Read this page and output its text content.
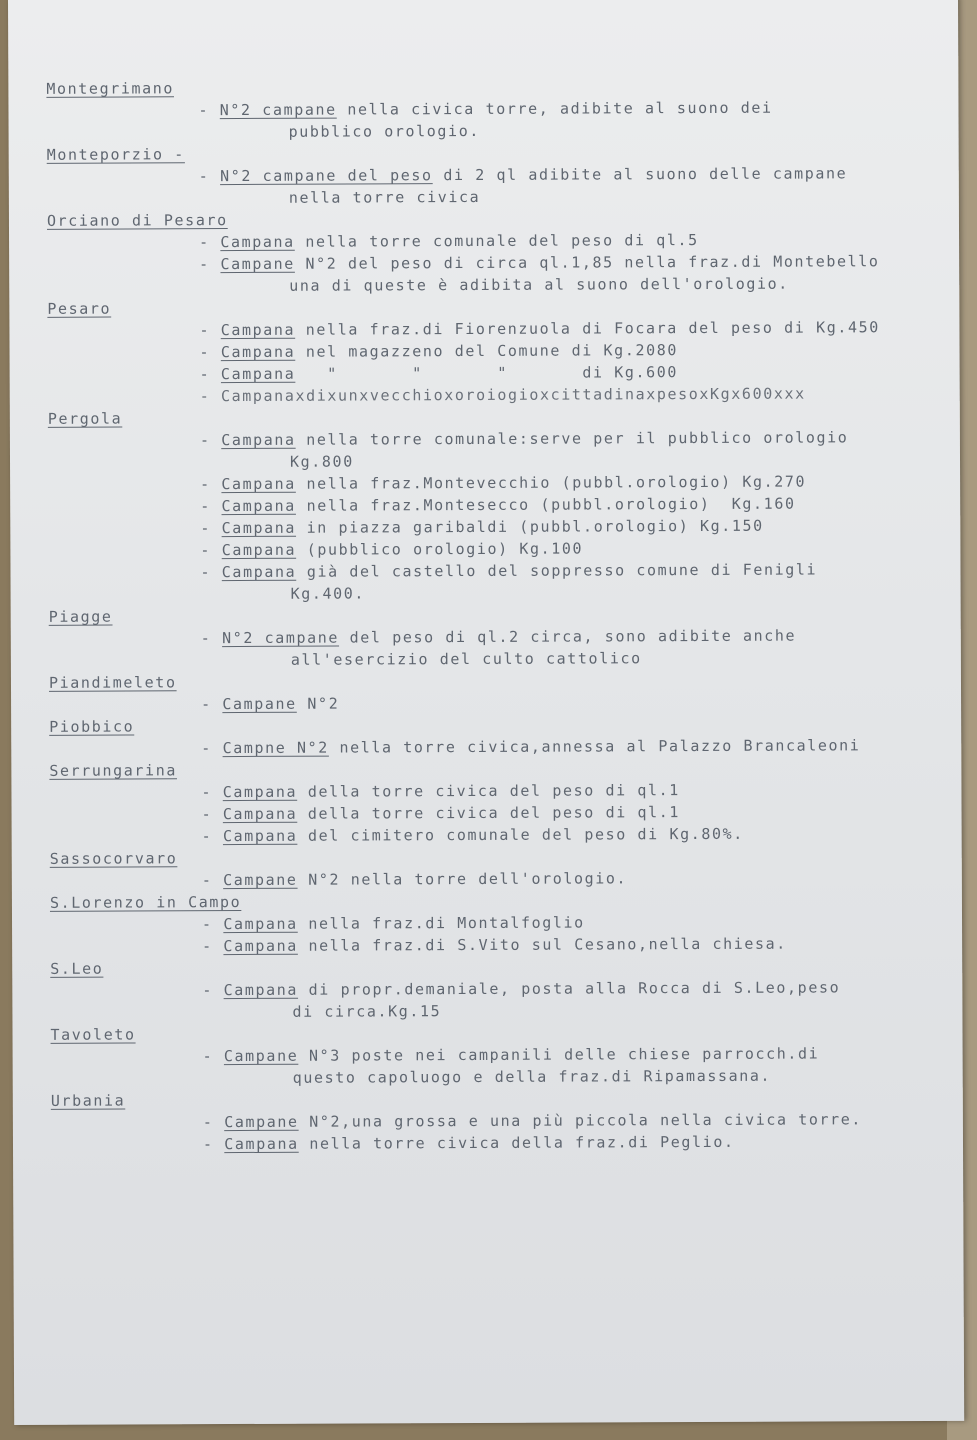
Montegrimano
- N°2 campane nella civica torre, adibite al suono dei
pubblico orologio.
Monteporzio -
- N°2 campane del peso di 2 ql adibite al suono delle campane
nella torre civica
Orciano di Pesaro
- Campana nella torre comunale del peso di ql.5
- Campane N°2 del peso di circa ql.1,85 nella fraz.di Montebello
una di queste è adibita al suono dell'orologio.
Pesaro
- Campana nella fraz.di Fiorenzuola di Focara del peso di Kg.450
- Campana nel magazzeno del Comune di Kg.2080
- Campana   "       "       "       di Kg.600
- CampanaxdixunxvecchioxoroiogioxcittadinaxpesoxKgx600xxx
Pergola
- Campana nella torre comunale:serve per il pubblico orologio
Kg.800
- Campana nella fraz.Montevecchio (pubbl.orologio) Kg.270
- Campana nella fraz.Montesecco (pubbl.orologio)  Kg.160
- Campana in piazza garibaldi (pubbl.orologio) Kg.150
- Campana (pubblico orologio) Kg.100
- Campana già del castello del soppresso comune di Fenigli
Kg.400.
Piagge
- N°2 campane del peso di ql.2 circa, sono adibite anche
all'esercizio del culto cattolico
Piandimeleto
- Campane N°2
Piobbico
- Campne N°2 nella torre civica,annessa al Palazzo Brancaleoni
Serrungarina
- Campana della torre civica del peso di ql.1
- Campana della torre civica del peso di ql.1
- Campana del cimitero comunale del peso di Kg.80%.
Sassocorvaro
- Campane N°2 nella torre dell'orologio.
S.Lorenzo in Campo
- Campana nella fraz.di Montalfoglio
- Campana nella fraz.di S.Vito sul Cesano,nella chiesa.
S.Leo
- Campana di propr.demaniale, posta alla Rocca di S.Leo,peso
di circa.Kg.15
Tavoleto
- Campane N°3 poste nei campanili delle chiese parrocch.di
questo capoluogo e della fraz.di Ripamassana.
Urbania
- Campane N°2,una grossa e una più piccola nella civica torre.
- Campana nella torre civica della fraz.di Peglio.
